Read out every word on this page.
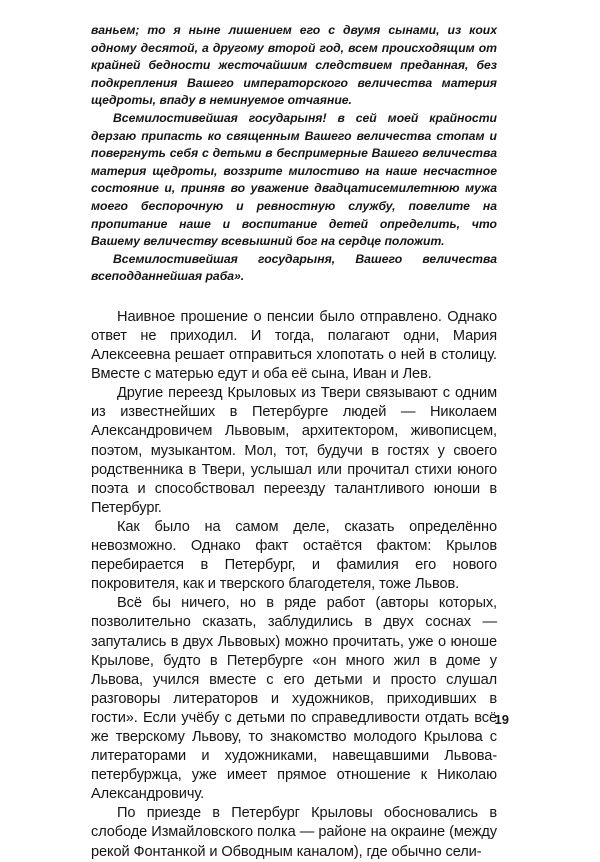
ваньем; то я ныне лишением его с двумя сынами, из коих одному десятой, а другому второй год, всем происходящим от крайней бедности жесточайшим следствием преданная, без подкрепления Вашего императорского величества материя щедроты, впаду в неминуемое отчаяние.

Всемилостивейшая государыня! в сей моей крайности дерзаю припасть ко священным Вашего величества стопам и повергнуть себя с детьми в беспримерные Вашего величества материя щедроты, воззрите милостиво на наше несчастное состояние и, приняв во уважение двадцатисемилетнюю мужа моего беспорочную и ревностную службу, повелите на пропитание наше и воспитание детей определить, что Вашему величеству всевышний бог на сердце положит.

Всемилостивейшая государыня, Вашего величества всеподданнейшая раба».

Наивное прошение о пенсии было отправлено. Однако ответ не приходил. И тогда, полагают одни, Мария Алексеевна решает отправиться хлопотать о ней в столицу. Вместе с матерью едут и оба её сына, Иван и Лев.

Другие переезд Крыловых из Твери связывают с одним из известнейших в Петербурге людей — Николаем Александровичем Львовым, архитектором, живописцем, поэтом, музыкантом. Мол, тот, будучи в гостях у своего родственника в Твери, услышал или прочитал стихи юного поэта и способствовал переезду талантливого юноши в Петербург.

Как было на самом деле, сказать определённо невозможно. Однако факт остаётся фактом: Крылов перебирается в Петербург, и фамилия его нового покровителя, как и тверского благодетеля, тоже Львов.

Всё бы ничего, но в ряде работ (авторы которых, позволительно сказать, заблудились в двух соснах — запутались в двух Львовых) можно прочитать, уже о юноше Крылове, будто в Петербурге «он много жил в доме у Львова, учился вместе с его детьми и просто слушал разговоры литераторов и художников, приходивших в гости». Если учёбу с детьми по справедливости отдать всё же тверскому Львову, то знакомство молодого Крылова с литераторами и художниками, навещавшими Львова-петербуржца, уже имеет прямое отношение к Николаю Александровичу.

По приезде в Петербург Крыловы обосновались в слободе Измайловского полка — районе на окраине (между рекой Фонтанкой и Обводным каналом), где обычно сели-

19
